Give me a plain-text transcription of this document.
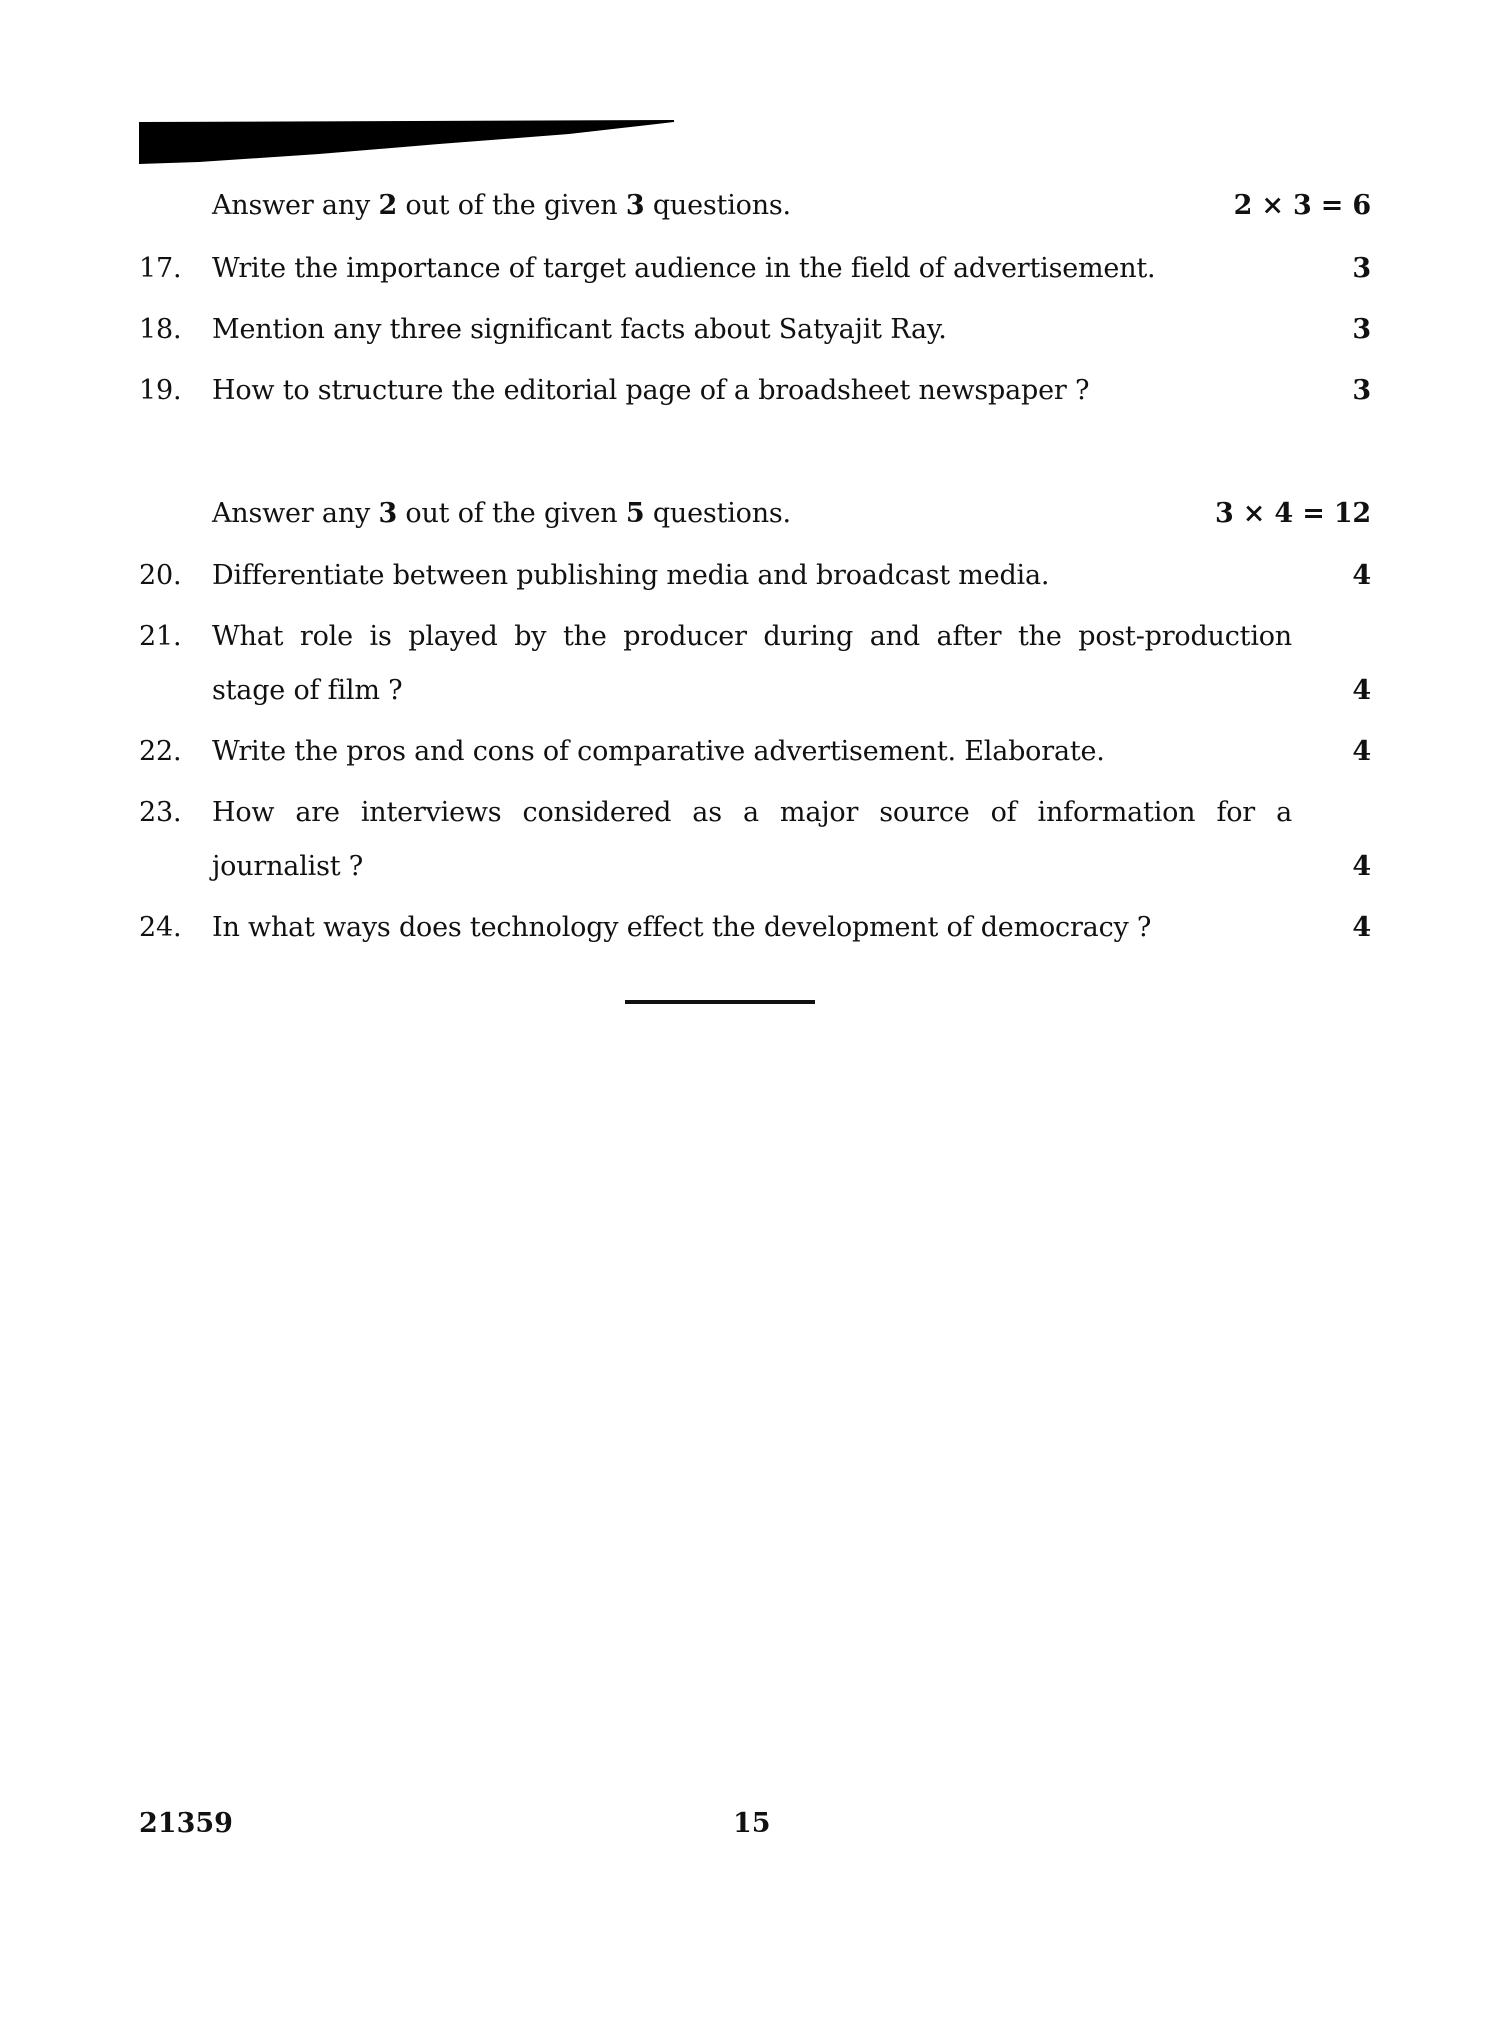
Answer any 2 out of the given 3 questions.	2 × 3 = 6
17.	Write the importance of target audience in the field of advertisement.	3
18.	Mention any three significant facts about Satyajit Ray.	3
19.	How to structure the editorial page of a broadsheet newspaper ?	3
Answer any 3 out of the given 5 questions.	3 × 4 = 12
20.	Differentiate between publishing media and broadcast media.	4
21.	What role is played by the producer during and after the post-production
stage of film ?	4
22.	Write the pros and cons of comparative advertisement. Elaborate.	4
23.	How are interviews considered as a major source of information for a
journalist ?	4
24.	In what ways does technology effect the development of democracy ?	4
21359	15
